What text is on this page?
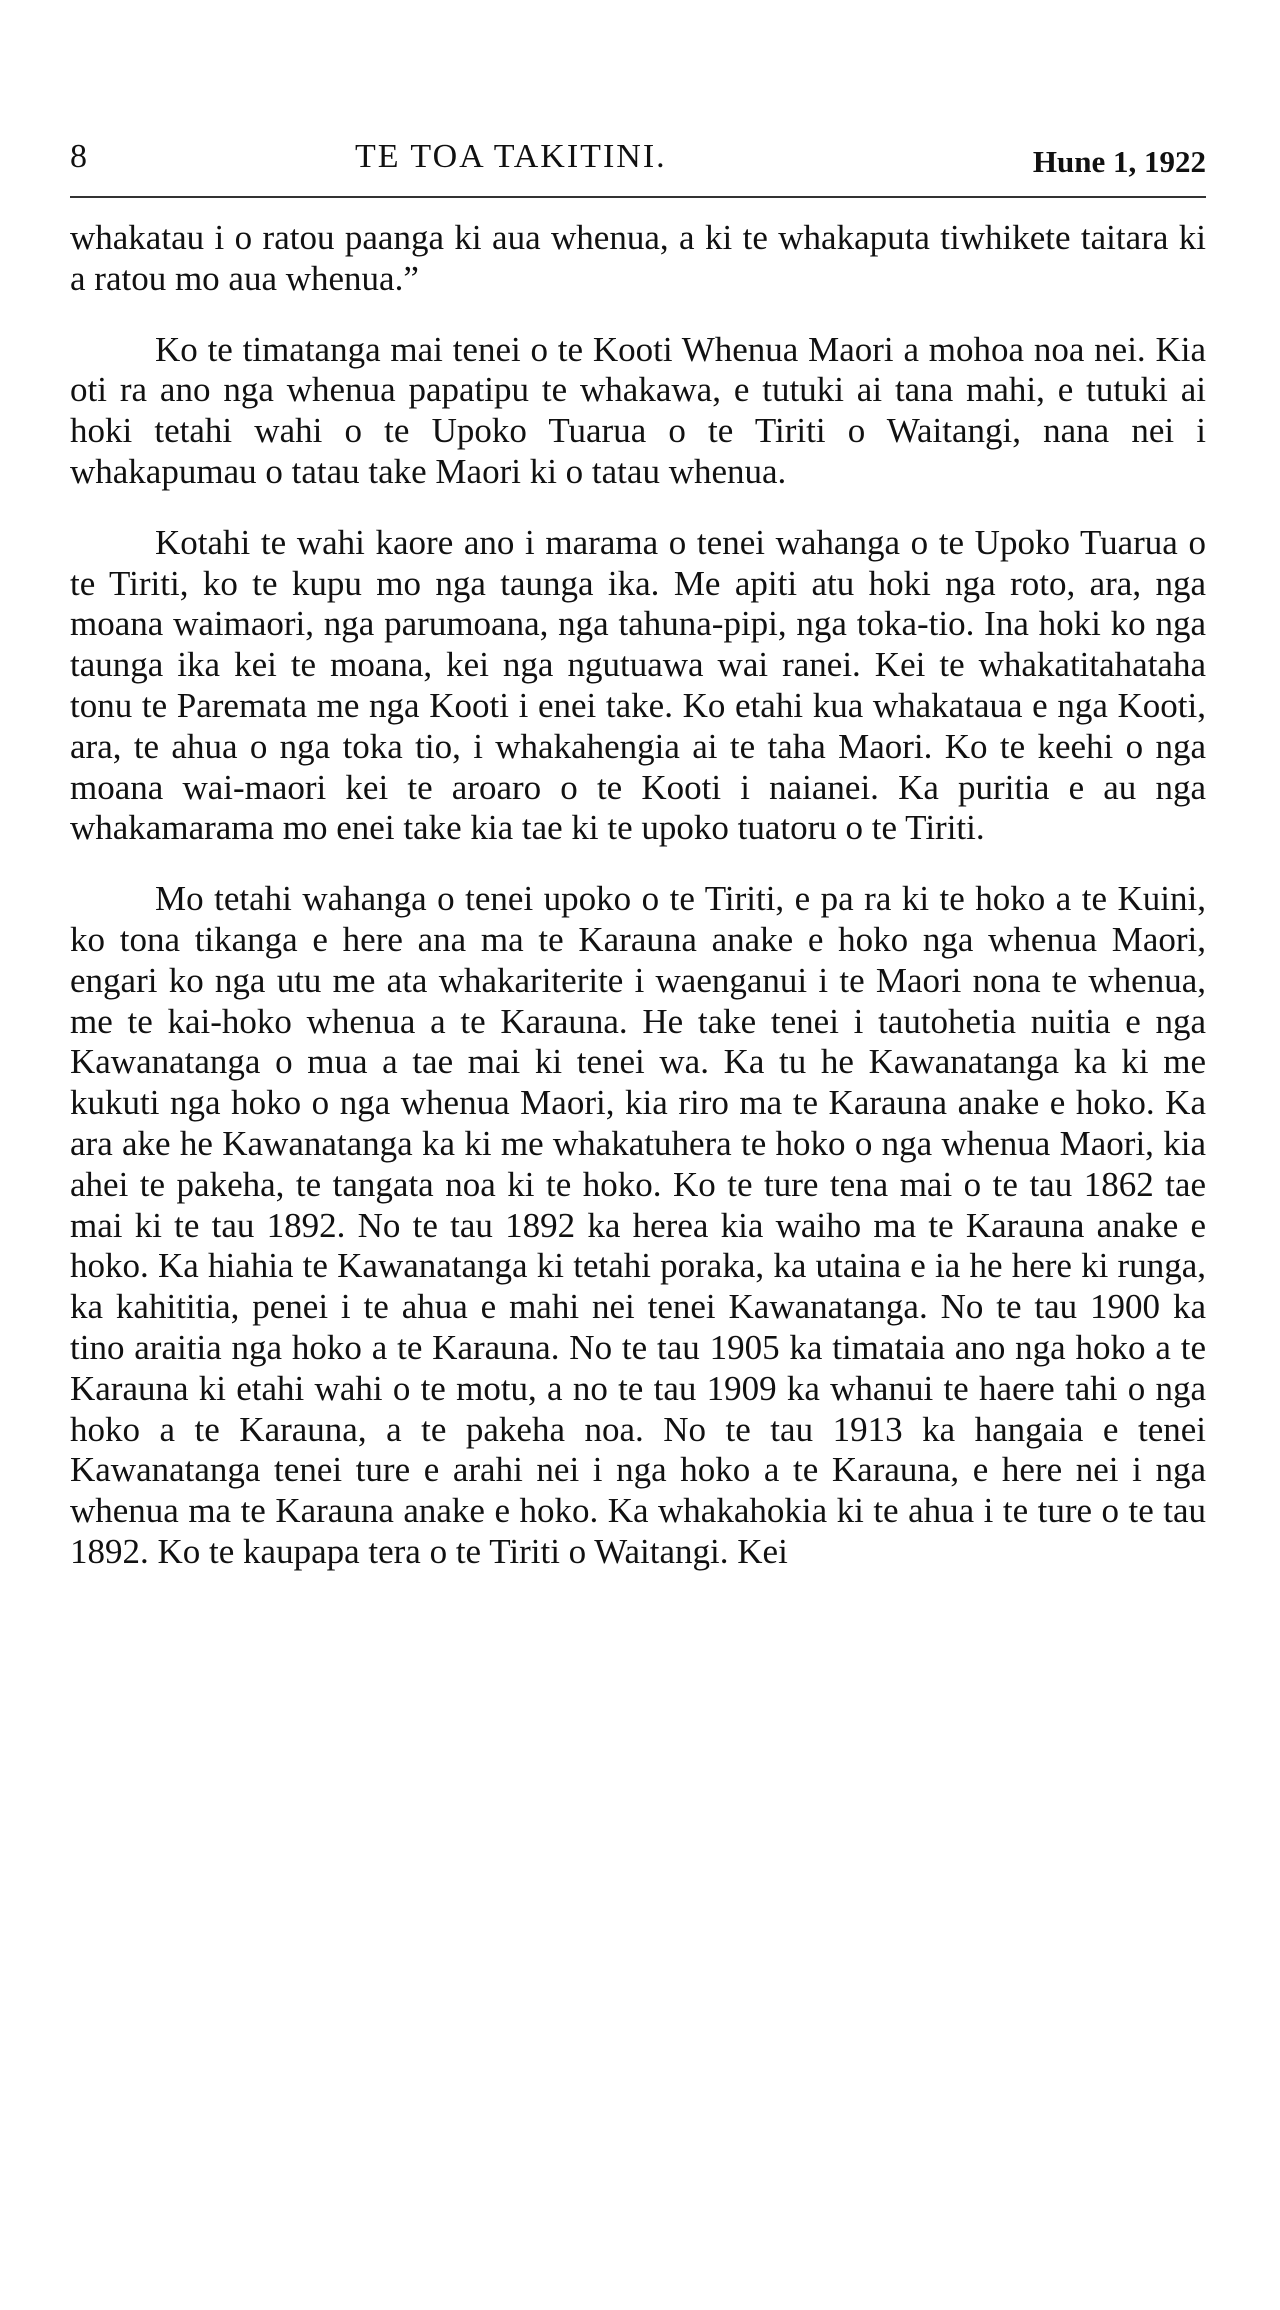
8	TE TOA TAKITINI.	Hune 1, 1922

whakatau i o ratou paanga ki aua whenua, a ki te whakaputa tiwhikete taitara ki a ratou mo aua whenua.”

Ko te timatanga mai tenei o te Kooti Whenua Maori a mohoa noa nei. Kia oti ra ano nga whenua papatipu te whakawa, e tutuki ai tana mahi, e tutuki ai hoki tetahi wahi o te Upoko Tuarua o te Tiriti o Waitangi, nana nei i whakapumau o tatau take Maori ki o tatau whenua.

Kotahi te wahi kaore ano i marama o tenei wahanga o te Upoko Tuarua o te Tiriti, ko te kupu mo nga taunga ika. Me apiti atu hoki nga roto, ara, nga moana waimaori, nga parumoana, nga tahuna-pipi, nga toka-tio. Ina hoki ko nga taunga ika kei te moana, kei nga ngutuawa wai ranei. Kei te whakatitahataha tonu te Paremata me nga Kooti i enei take. Ko etahi kua whakataua e nga Kooti, ara, te ahua o nga toka tio, i whakahengia ai te taha Maori. Ko te keehi o nga moana wai-maori kei te aroaro o te Kooti i naianei. Ka puritia e au nga whakamarama mo enei take kia tae ki te upoko tuatoru o te Tiriti.

Mo tetahi wahanga o tenei upoko o te Tiriti, e pa ra ki te hoko a te Kuini, ko tona tikanga e here ana ma te Karauna anake e hoko nga whenua Maori, engari ko nga utu me ata whakariterite i waenganui i te Maori nona te whenua, me te kai-hoko whenua a te Karauna. He take tenei i tautohetia nuitia e nga Kawanatanga o mua a tae mai ki tenei wa. Ka tu he Kawanatanga ka ki me kukuti nga hoko o nga whenua Maori, kia riro ma te Karauna anake e hoko. Ka ara ake he Kawanatanga ka ki me whakatuhera te hoko o nga whenua Maori, kia ahei te pakeha, te tangata noa ki te hoko. Ko te ture tena mai o te tau 1862 tae mai ki te tau 1892. No te tau 1892 ka herea kia waiho ma te Karauna anake e hoko. Ka hiahia te Kawanatanga ki tetahi poraka, ka utaina e ia he here ki runga, ka kahititia, penei i te ahua e mahi nei tenei Kawanatanga. No te tau 1900 ka tino araitia nga hoko a te Karauna. No te tau 1905 ka timataia ano nga hoko a te Karauna ki etahi wahi o te motu, a no te tau 1909 ka whanui te haere tahi o nga hoko a te Karauna, a te pakeha noa. No te tau 1913 ka hangaia e tenei Kawanatanga tenei ture e arahi nei i nga hoko a te Karauna, e here nei i nga whenua ma te Karauna anake e hoko. Ka whakahokia ki te ahua i te ture o te tau 1892. Ko te kaupapa tera o te Tiriti o Waitangi. Kei
